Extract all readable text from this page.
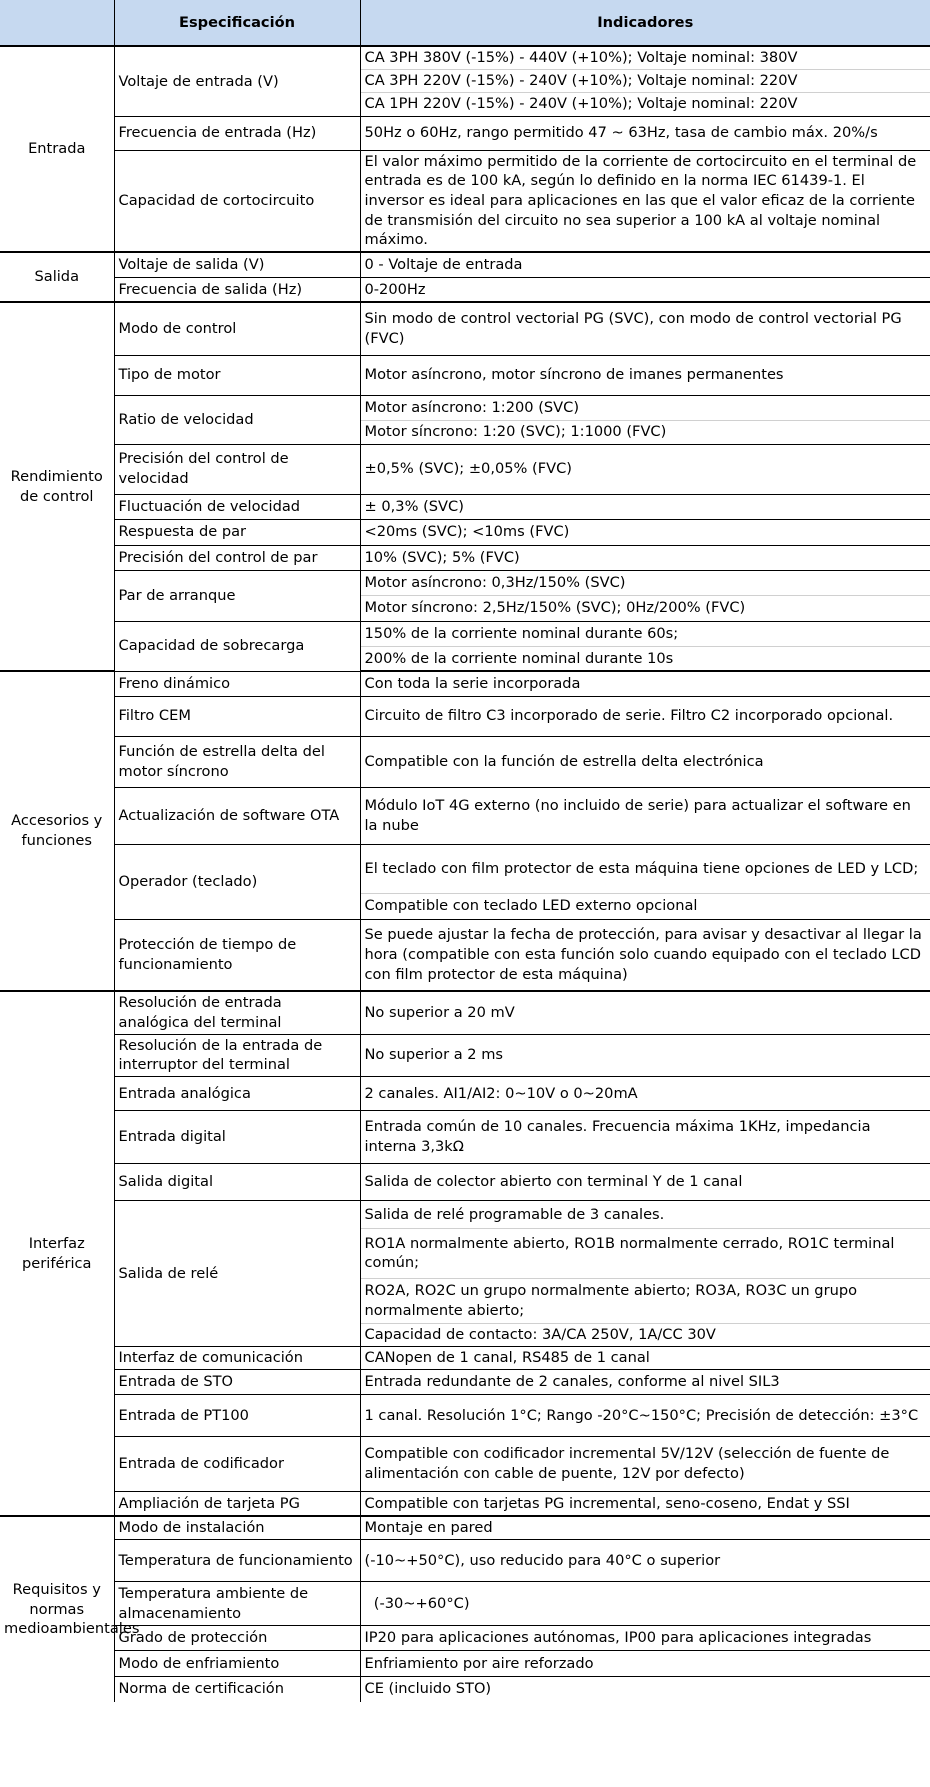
	Especificación	Indicadores
Entrada	Voltaje de entrada (V)	CA 3PH 380V (-15%) - 440V (+10%); Voltaje nominal: 380V
		CA 3PH 220V (-15%) - 240V (+10%); Voltaje nominal: 220V
		CA 1PH 220V (-15%) - 240V (+10%); Voltaje nominal: 220V
	Frecuencia de entrada (Hz)	50Hz o 60Hz, rango permitido 47 ~ 63Hz, tasa de cambio máx. 20%/s
	Capacidad de cortocircuito	El valor máximo permitido de la corriente de cortocircuito en el terminal de entrada es de 100 kA, según lo definido en la norma IEC 61439-1. El inversor es ideal para aplicaciones en las que el valor eficaz de la corriente de transmisión del circuito no sea superior a 100 kA al voltaje nominal máximo.
Salida	Voltaje de salida (V)	0 - Voltaje de entrada
	Frecuencia de salida (Hz)	0-200Hz
Rendimiento de control	Modo de control	Sin modo de control vectorial PG (SVC), con modo de control vectorial PG (FVC)
	Tipo de motor	Motor asíncrono, motor síncrono de imanes permanentes
	Ratio de velocidad	Motor asíncrono: 1:200 (SVC)
		Motor síncrono: 1:20 (SVC); 1:1000 (FVC)
	Precisión del control de velocidad	±0,5% (SVC); ±0,05% (FVC)
	Fluctuación de velocidad	± 0,3% (SVC)
	Respuesta de par	<20ms (SVC); <10ms (FVC)
	Precisión del control de par	10% (SVC); 5% (FVC)
	Par de arranque	Motor asíncrono: 0,3Hz/150% (SVC)
		Motor síncrono: 2,5Hz/150% (SVC); 0Hz/200% (FVC)
	Capacidad de sobrecarga	150% de la corriente nominal durante 60s;
		200% de la corriente nominal durante 10s
Accesorios y funciones	Freno dinámico	Con toda la serie incorporada
	Filtro CEM	Circuito de filtro C3 incorporado de serie. Filtro C2 incorporado opcional.
	Función de estrella delta del motor síncrono	Compatible con la función de estrella delta electrónica
	Actualización de software OTA	Módulo IoT 4G externo (no incluido de serie) para actualizar el software en la nube
	Operador (teclado)	El teclado con film protector de esta máquina tiene opciones de LED y LCD;
		Compatible con teclado LED externo opcional
	Protección de tiempo de funcionamiento	Se puede ajustar la fecha de protección, para avisar y desactivar al llegar la hora (compatible con esta función solo cuando equipado con el teclado LCD con film protector de esta máquina)
Interfaz periférica	Resolución de entrada analógica del terminal	No superior a 20 mV
	Resolución de la entrada de interruptor del terminal	No superior a 2 ms
	Entrada analógica	2 canales. AI1/AI2: 0~10V o 0~20mA
	Entrada digital	Entrada común de 10 canales. Frecuencia máxima 1KHz, impedancia interna 3,3kΩ
	Salida digital	Salida de colector abierto con terminal Y de 1 canal
	Salida de relé	Salida de relé programable de 3 canales.
		RO1A normalmente abierto, RO1B normalmente cerrado, RO1C terminal común;
		RO2A, RO2C un grupo normalmente abierto; RO3A, RO3C un grupo normalmente abierto;
		Capacidad de contacto: 3A/CA 250V, 1A/CC 30V
	Interfaz de comunicación	CANopen de 1 canal, RS485 de 1 canal
	Entrada de STO	Entrada redundante de 2 canales, conforme al nivel SIL3
	Entrada de PT100	1 canal. Resolución 1°C; Rango -20°C~150°C; Precisión de detección: ±3°C
	Entrada de codificador	Compatible con codificador incremental 5V/12V (selección de fuente de alimentación con cable de puente, 12V por defecto)
	Ampliación de tarjeta PG	Compatible con tarjetas PG incremental, seno-coseno, Endat y SSI
Requisitos y normas medioambientales	Modo de instalación	Montaje en pared
	Temperatura de funcionamiento	(-10~+50°C), uso reducido para 40°C o superior
	Temperatura ambiente de almacenamiento	(-30~+60°C)
	Grado de protección	IP20 para aplicaciones autónomas, IP00 para aplicaciones integradas
	Modo de enfriamiento	Enfriamiento por aire reforzado
	Norma de certificación	CE (incluido STO)
